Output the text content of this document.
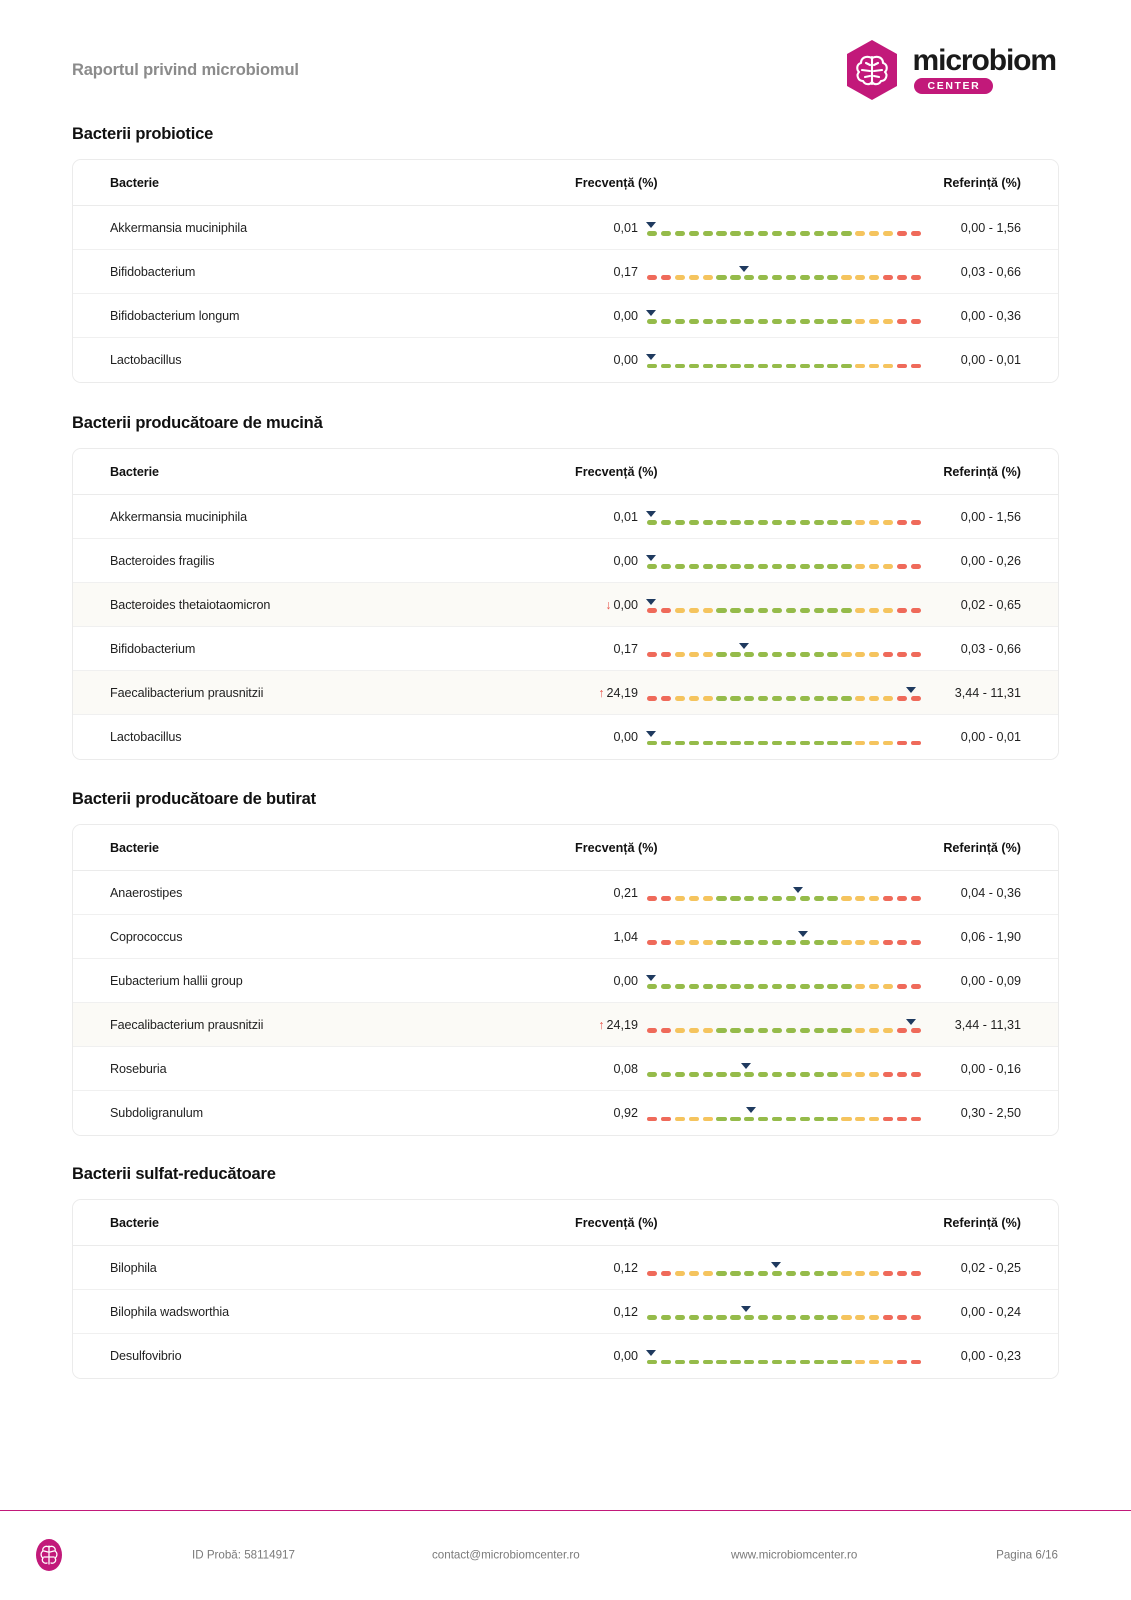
Raportul privind microbiomul	microbiom
CENTER
Bacterii probiotice
Bacterie	Frecvență (%)	Referință (%)
Akkermansia muciniphila	0,01	0,00 - 1,56
Bifidobacterium	0,17	0,03 - 0,66
Bifidobacterium longum	0,00	0,00 - 0,36
Lactobacillus	0,00	0,00 - 0,01
Bacterii producătoare de mucină
Bacterie	Frecvență (%)	Referință (%)
Akkermansia muciniphila	0,01	0,00 - 1,56
Bacteroides fragilis	0,00	0,00 - 0,26
Bacteroides thetaiotaomicron	↓ 0,00	0,02 - 0,65
Bifidobacterium	0,17	0,03 - 0,66
Faecalibacterium prausnitzii	↑ 24,19	3,44 - 11,31
Lactobacillus	0,00	0,00 - 0,01
Bacterii producătoare de butirat
Bacterie	Frecvență (%)	Referință (%)
Anaerostipes	0,21	0,04 - 0,36
Coprococcus	1,04	0,06 - 1,90
Eubacterium hallii group	0,00	0,00 - 0,09
Faecalibacterium prausnitzii	↑ 24,19	3,44 - 11,31
Roseburia	0,08	0,00 - 0,16
Subdoligranulum	0,92	0,30 - 2,50
Bacterii sulfat-reducătoare
Bacterie	Frecvență (%)	Referință (%)
Bilophila	0,12	0,02 - 0,25
Bilophila wadsworthia	0,12	0,00 - 0,24
Desulfovibrio	0,00	0,00 - 0,23
ID Probă: 58114917	contact@microbiomcenter.ro	www.microbiomcenter.ro	Pagina 6/16
